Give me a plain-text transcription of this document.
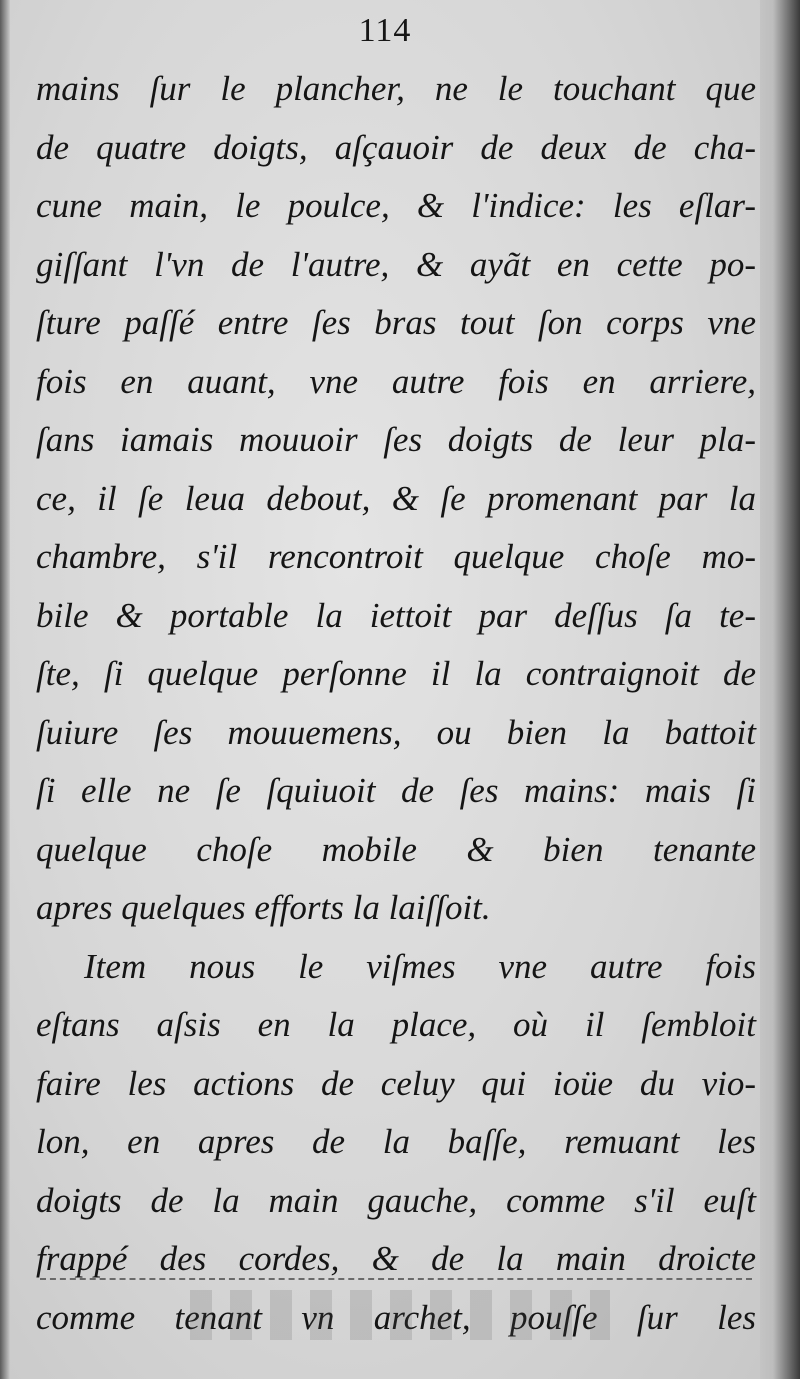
114
mains ſur le plancher, ne le touchant que
de quatre doigts, aſçauoir de deux de cha-
cune main, le poulce, & l'indice: les eſlar-
giſſant l'vn de l'autre, & ayãt en cette po-
ſture paſſé entre ſes bras tout ſon corps vne
fois en auant, vne autre fois en arriere,
ſans iamais mouuoir ſes doigts de leur pla-
ce, il ſe leua debout, & ſe promenant par la
chambre, s'il rencontroit quelque choſe mo-
bile & portable la iettoit par deſſus ſa te-
ſte, ſi quelque perſonne il la contraignoit de
ſuiure ſes mouuemens, ou bien la battoit
ſi elle ne ſe ſquiuoit de ſes mains: mais ſi
quelque choſe mobile & bien tenante
apres quelques efforts la laiſſoit.
Item nous le viſmes vne autre fois
eſtans aſsis en la place, où il ſembloit
faire les actions de celuy qui ioüe du vio-
lon, en apres de la baſſe, remuant les
doigts de la main gauche, comme s'il euſt
frappé des cordes, & de la main droicte
comme tenant vn archet, pouſſe ſur les
